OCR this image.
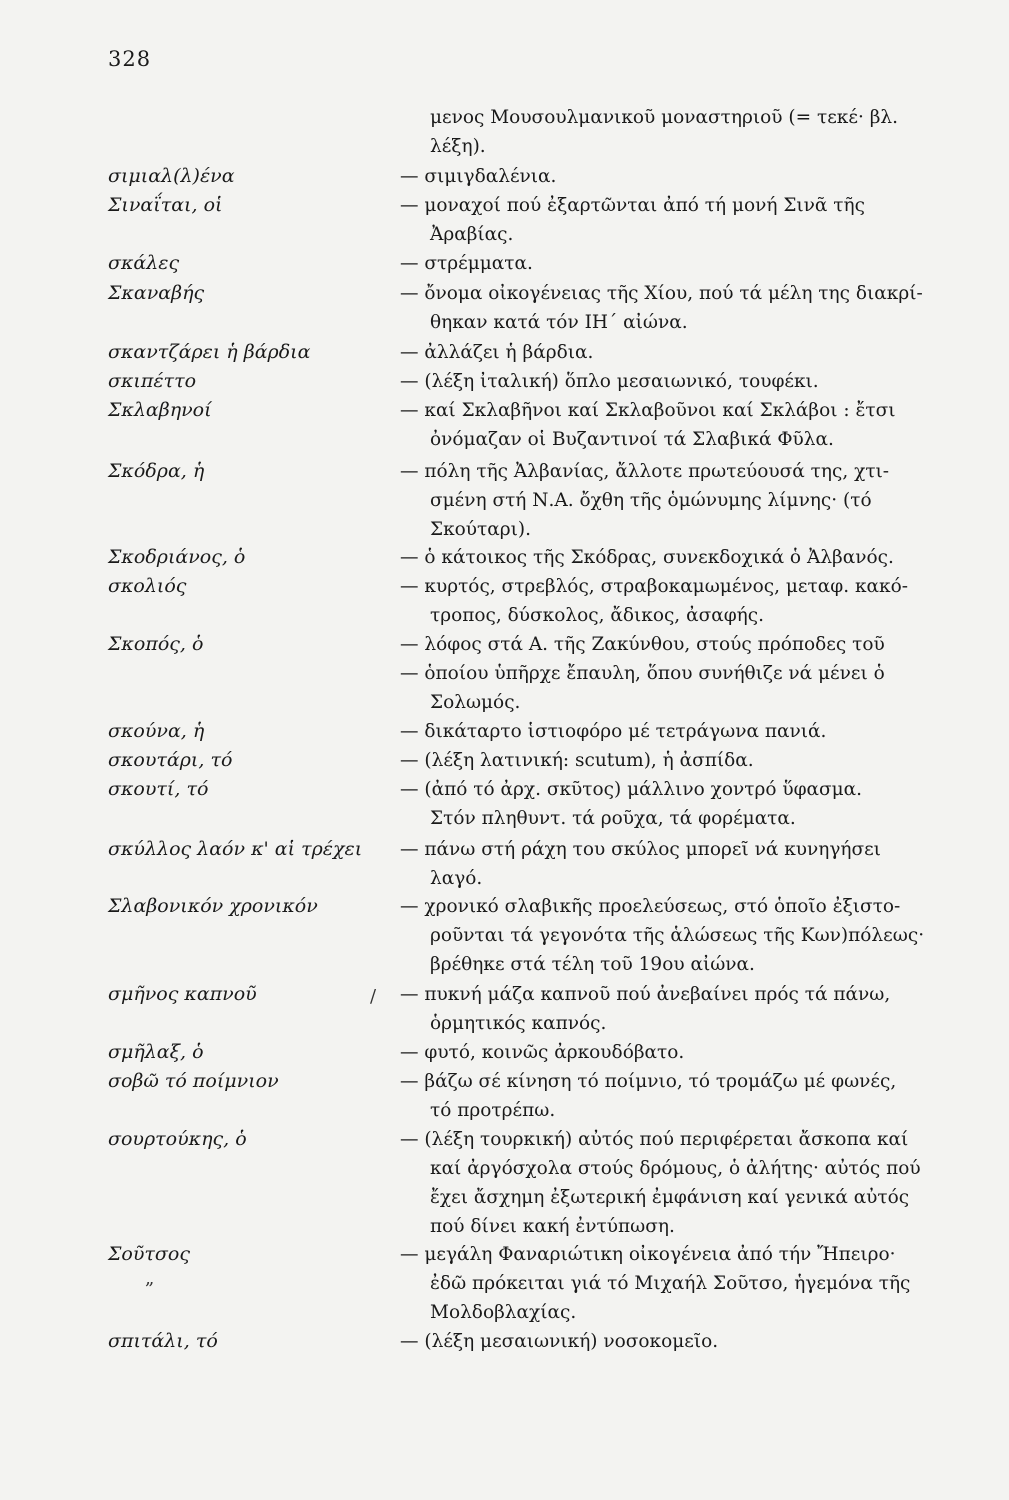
328
μενος Μουσουλμανικοῦ μοναστηριοῦ (= τεκέ· βλ.
λέξη).
σιμιαλ(λ)ένα	— σιμιγδαλένια.
Σιναΐται, οἱ	— μοναχοί πού ἐξαρτῶνται ἀπό τή μονή Σινᾶ τῆς
Ἀραβίας.
σκάλες	— στρέμματα.
Σκαναβής	— ὄνομα οἰκογένειας τῆς Χίου, πού τά μέλη της διακρί-
θηκαν κατά τόν ΙΗ΄ αἰώνα.
σκαντζάρει ἡ βάρδια	— ἀλλάζει ἡ βάρδια.
σκιπέττο	— (λέξη ἰταλική) ὅπλο μεσαιωνικό, τουφέκι.
Σκλαβηνοί	— καί Σκλαβῆνοι καί Σκλαβοῦνοι καί Σκλάβοι : ἔτσι
ὀνόμαζαν οἱ Βυζαντινοί τά Σλαβικά Φῦλα.
Σκόδρα, ἡ	— πόλη τῆς Ἀλβανίας, ἄλλοτε πρωτεύουσά της, χτι-
σμένη στή Ν.Α. ὄχθη τῆς ὁμώνυμης λίμνης· (τό
Σκούταρι).
Σκοδριάνος, ὁ	— ὁ κάτοικος τῆς Σκόδρας, συνεκδοχικά ὁ Ἀλβανός.
σκολιός	— κυρτός, στρεβλός, στραβοκαμωμένος, μεταφ. κακό-
τροπος, δύσκολος, ἄδικος, ἀσαφής.
Σκοπός, ὁ	— λόφος στά Α. τῆς Ζακύνθου, στούς πρόποδες τοῦ
— ὁποίου ὑπῆρχε ἔπαυλη, ὅπου συνήθιζε νά μένει ὁ
Σολωμός.
σκούνα, ἡ	— δικάταρτο ἱστιοφόρο μέ τετράγωνα πανιά.
σκουτάρι, τό	— (λέξη λατινική: scutum), ἡ ἀσπίδα.
σκουτί, τό	— (ἀπό τό ἀρχ. σκῦτος) μάλλινο χοντρό ὕφασμα.
Στόν πληθυντ. τά ροῦχα, τά φορέματα.
σκύλλος λαόν κ' αἱ τρέχει — πάνω στή ράχη του σκύλος μπορεῖ νά κυνηγήσει
λαγό.
Σλαβονικόν χρονικόν	— χρονικό σλαβικῆς προελεύσεως, στό ὁποῖο ἐξιστο-
ροῦνται τά γεγονότα τῆς ἁλώσεως τῆς Κων)πόλεως·
βρέθηκε στά τέλη τοῦ 19ου αἰώνα.
σμῆνος καπνοῦ	— πυκνή μάζα καπνοῦ πού ἀνεβαίνει πρός τά πάνω,
ὁρμητικός καπνός.
/
σμῆλαξ, ὁ	— φυτό, κοινῶς ἀρκουδόβατο.
σοβῶ τό ποίμνιον	— βάζω σέ κίνηση τό ποίμνιο, τό τρομάζω μέ φωνές,
τό προτρέπω.
σουρτούκης, ὁ	— (λέξη τουρκική) αὐτός πού περιφέρεται ἄσκοπα καί
καί ἀργόσχολα στούς δρόμους, ὁ ἀλήτης· αὐτός πού
ἔχει ἄσχημη ἐξωτερική ἐμφάνιση καί γενικά αὐτός
πού δίνει κακή ἐντύπωση.
Σοῦτσος	— μεγάλη Φαναριώτικη οἰκογένεια ἀπό τήν Ἤπειρο·
ἐδῶ πρόκειται γιά τό Μιχαήλ Σοῦτσο, ἡγεμόνα τῆς
Μολδοβλαχίας.
„
σπιτάλι, τό	— (λέξη μεσαιωνική) νοσοκομεῖο.
